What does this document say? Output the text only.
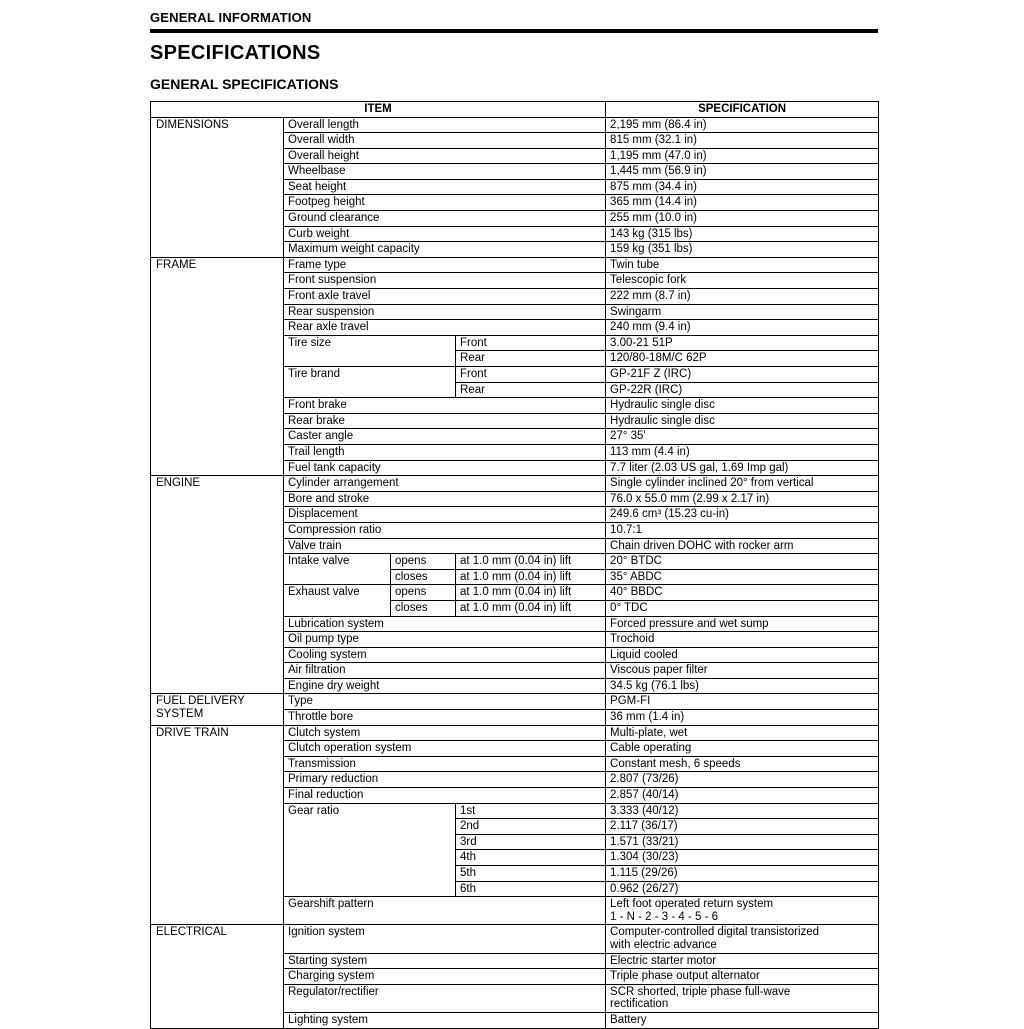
GENERAL INFORMATION
SPECIFICATIONS
GENERAL SPECIFICATIONS
ITEM				SPECIFICATION
DIMENSIONS	Overall length			2,195 mm (86.4 in)
	Overall width			815 mm (32.1 in)
	Overall height			1,195 mm (47.0 in)
	Wheelbase			1,445 mm (56.9 in)
	Seat height			875 mm (34.4 in)
	Footpeg height			365 mm (14.4 in)
	Ground clearance			255 mm (10.0 in)
	Curb weight			143 kg (315 lbs)
	Maximum weight capacity			159 kg (351 lbs)
FRAME	Frame type			Twin tube
	Front suspension			Telescopic fork
	Front axle travel			222 mm (8.7 in)
	Rear suspension			Swingarm
	Rear axle travel			240 mm (9.4 in)
	Tire size		Front	3.00-21 51P
			Rear	120/80-18M/C 62P
	Tire brand		Front	GP-21F Z (IRC)
			Rear	GP-22R (IRC)
	Front brake			Hydraulic single disc
	Rear brake			Hydraulic single disc
	Caster angle			27° 35'
	Trail length			113 mm (4.4 in)
	Fuel tank capacity			7.7 liter (2.03 US gal, 1.69 Imp gal)
ENGINE	Cylinder arrangement			Single cylinder inclined 20° from vertical
	Bore and stroke			76.0 x 55.0 mm (2.99 x 2.17 in)
	Displacement			249.6 cm³ (15.23 cu-in)
	Compression ratio			10.7:1
	Valve train			Chain driven DOHC with rocker arm
	Intake valve	opens	at 1.0 mm (0.04 in) lift	20° BTDC
		closes	at 1.0 mm (0.04 in) lift	35° ABDC
	Exhaust valve	opens	at 1.0 mm (0.04 in) lift	40° BBDC
		closes	at 1.0 mm (0.04 in) lift	0° TDC
	Lubrication system			Forced pressure and wet sump
	Oil pump type			Trochoid
	Cooling system			Liquid cooled
	Air filtration			Viscous paper filter
	Engine dry weight			34.5 kg (76.1 lbs)
FUEL DELIVERY SYSTEM	Type			PGM-FI
	Throttle bore			36 mm (1.4 in)
DRIVE TRAIN	Clutch system			Multi-plate, wet
	Clutch operation system			Cable operating
	Transmission			Constant mesh, 6 speeds
	Primary reduction			2.807 (73/26)
	Final reduction			2.857 (40/14)
	Gear ratio		1st	3.333 (40/12)
			2nd	2.117 (36/17)
			3rd	1.571 (33/21)
			4th	1.304 (30/23)
			5th	1.115 (29/26)
			6th	0.962 (26/27)
	Gearshift pattern			Left foot operated return system
1 - N - 2 - 3 - 4 - 5 - 6

ELECTRICAL	Ignition system			Computer-controlled digital transistorized
with electric advance

	Starting system			Electric starter motor
	Charging system			Triple phase output alternator
	Regulator/rectifier			SCR shorted, triple phase full-wave
rectification

	Lighting system			Battery
